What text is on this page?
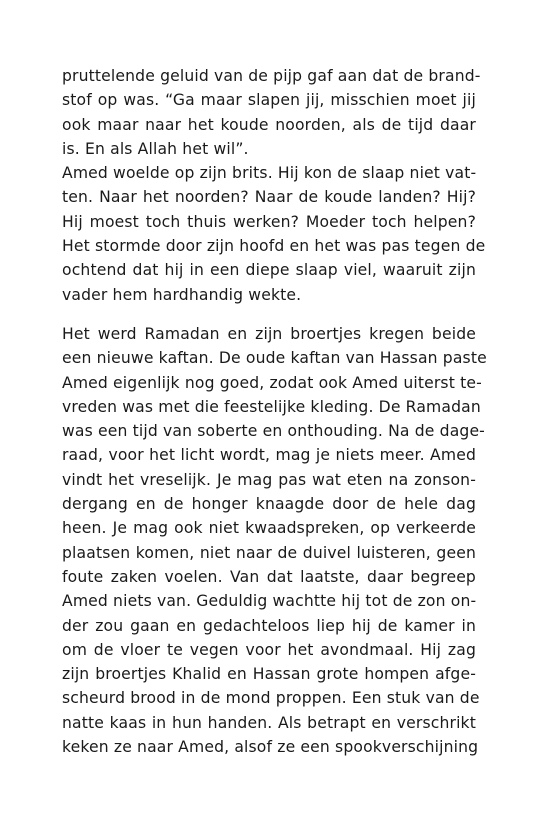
pruttelende geluid van de pijp gaf aan dat de brand-
stof op was. “Ga maar slapen jij, misschien moet jij
ook maar naar het koude noorden, als de tijd daar
is. En als Allah het wil”.
Amed woelde op zijn brits. Hij kon de slaap niet vat-
ten. Naar het noorden? Naar de koude landen? Hij?
Hij moest toch thuis werken? Moeder toch helpen?
Het stormde door zijn hoofd en het was pas tegen de
ochtend dat hij in een diepe slaap viel, waaruit zijn
vader hem hardhandig wekte.
Het werd Ramadan en zijn broertjes kregen beide
een nieuwe kaftan. De oude kaftan van Hassan paste
Amed eigenlijk nog goed, zodat ook Amed uiterst te-
vreden was met die feestelijke kleding. De Ramadan
was een tijd van soberte en onthouding. Na de dage-
raad, voor het licht wordt, mag je niets meer. Amed
vindt het vreselijk. Je mag pas wat eten na zonson-
dergang en de honger knaagde door de hele dag
heen. Je mag ook niet kwaadspreken, op verkeerde
plaatsen komen, niet naar de duivel luisteren, geen
foute zaken voelen. Van dat laatste, daar begreep
Amed niets van. Geduldig wachtte hij tot de zon on-
der zou gaan en gedachteloos liep hij de kamer in
om de vloer te vegen voor het avondmaal. Hij zag
zijn broertjes Khalid en Hassan grote hompen afge-
scheurd brood in de mond proppen. Een stuk van de
natte kaas in hun handen. Als betrapt en verschrikt
keken ze naar Amed, alsof ze een spookverschijning
